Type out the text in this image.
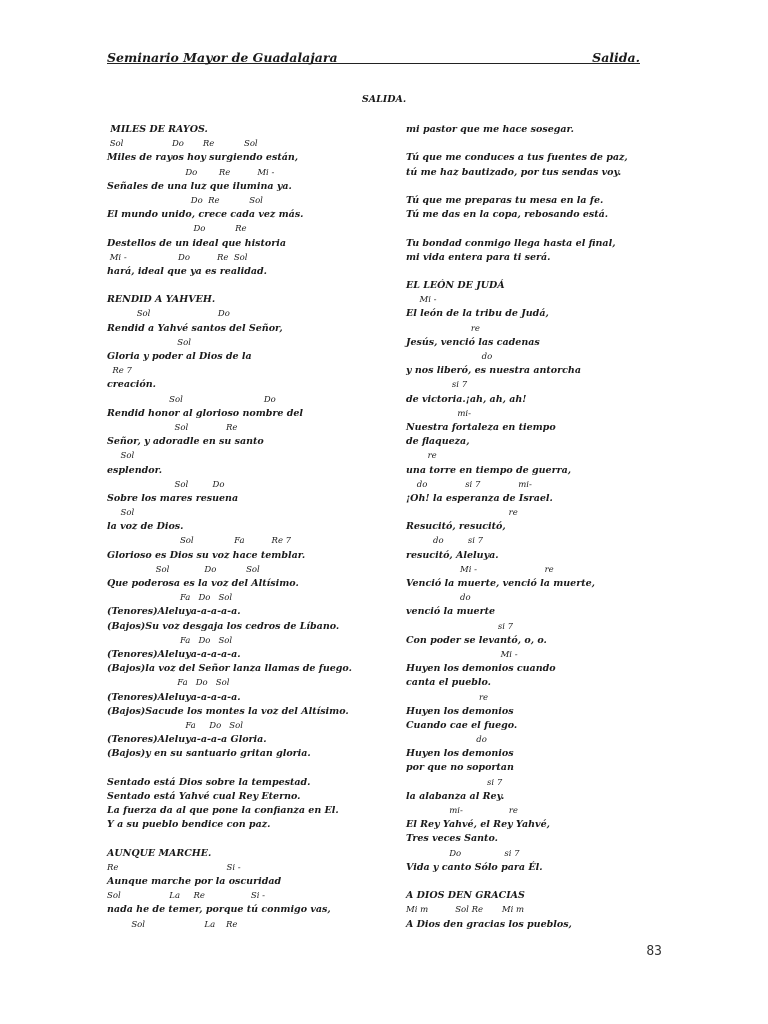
Seminario Mayor de Guadalajara	Salida.
SALIDA.
MILES DE RAYOS.
Sol                  Do       Re           Sol
Miles de rayos hoy surgiendo están,
Do        Re          Mi -
Señales de una luz que ilumina ya.
Do  Re           Sol
El mundo unido, crece cada vez más.
Do           Re
Destellos de un ideal que historia
Mi -                   Do          Re  Sol
hará, ideal que ya es realidad.
RENDID A YAHVEH.
Sol                         Do
Rendid a Yahvé santos del Señor,
Sol
Gloria y poder al Dios de la
Re 7
creación.
Sol                              Do
Rendid honor al glorioso nombre del
Sol              Re
Señor, y adoradle en su santo
Sol
esplendor.
Sol         Do
Sobre los mares resuena
Sol
la voz de Dios.
Sol               Fa          Re 7
Glorioso es Dios su voz hace temblar.
Sol             Do           Sol
Que poderosa es la voz del Altísimo.
Fa   Do   Sol
(Tenores)Aleluya-a-a-a-a.
(Bajos)Su voz desgaja los cedros de Líbano.
Fa   Do   Sol
(Tenores)Aleluya-a-a-a-a.
(Bajos)la voz del Señor lanza llamas de fuego.
Fa   Do   Sol
(Tenores)Aleluya-a-a-a-a.
(Bajos)Sacude los montes la voz del Altísimo.
Fa     Do   Sol
(Tenores)Aleluya-a-a-a Gloria.
(Bajos)y en su santuario gritan gloria.
Sentado está Dios sobre la tempestad.
Sentado está Yahvé cual Rey Eterno.
La fuerza da al que pone la confianza en El.
Y a su pueblo bendice con paz.
AUNQUE MARCHE.
Re                                        Si -
Aunque marche por la oscuridad
Sol                  La     Re                 Si -
nada he de temer, porque tú conmigo vas,
Sol                      La    Re
mi pastor que me hace sosegar.
Tú que me conduces a tus fuentes de paz,
tú me haz bautizado, por tus sendas voy.
Tú que me preparas tu mesa en la fe.
Tú me das en la copa, rebosando está.
Tu bondad conmigo llega hasta el final,
mi vida entera para ti será.
EL LEÓN DE JUDÁ
Mi -
El león de la tribu de Judá,
re
Jesús, venció las cadenas
do
y nos liberó, es nuestra antorcha
si 7
de victoria.¡ah, ah, ah!
mi-
Nuestra fortaleza en tiempo
de flaqueza,
re
una torre en tiempo de guerra,
do              si 7              mi-
¡Oh! la esperanza de Israel.
re
Resucitó, resucitó,
do         si 7
resucitó, Aleluya.
Mi -                         re
Venció la muerte, venció la muerte,
do
venció la muerte
si 7
Con poder se levantó, o, o.
Mi -
Huyen los demonios cuando
canta el pueblo.
re
Huyen los demonios
Cuando cae el fuego.
do
Huyen los demonios
por que no soportan
si 7
la alabanza al Rey.
mi-                 re
El Rey Yahvé, el Rey Yahvé,
Tres veces Santo.
Do                si 7
Vida y canto Sólo para Él.
A DIOS DEN GRACIAS
Mi m          Sol Re       Mi m
A Dios den gracias los pueblos,
83
